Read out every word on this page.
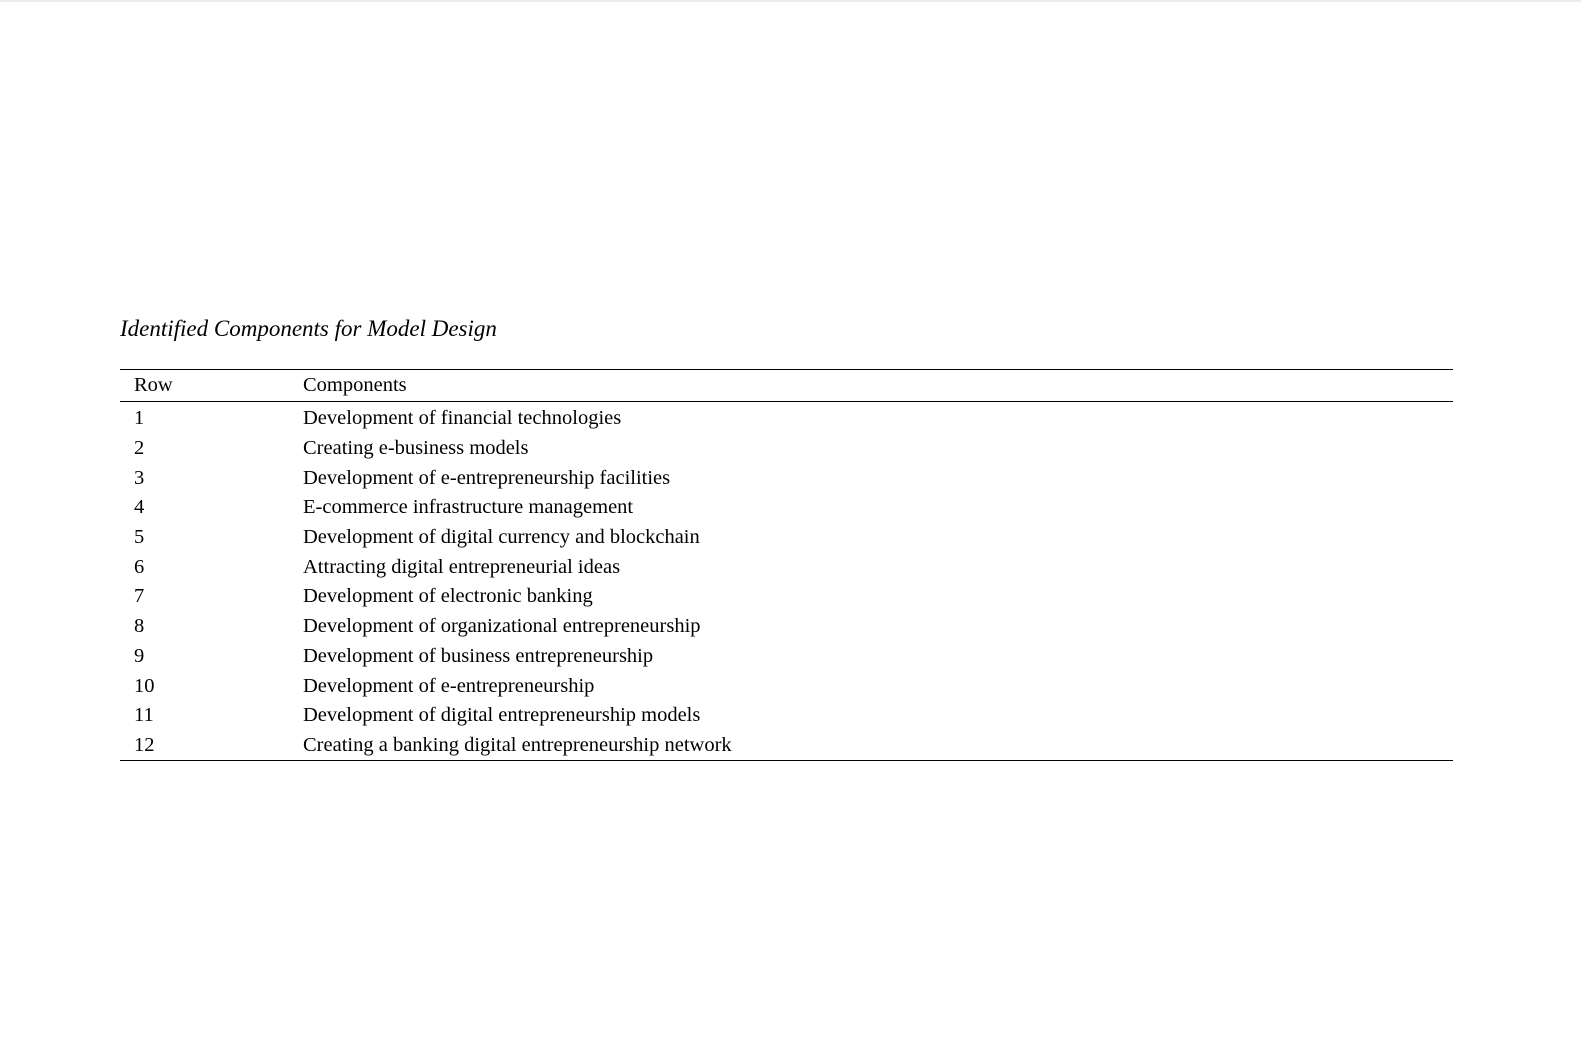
Identified Components for Model Design
Row	Components
1	Development of financial technologies
2	Creating e-business models
3	Development of e-entrepreneurship facilities
4	E-commerce infrastructure management
5	Development of digital currency and blockchain
6	Attracting digital entrepreneurial ideas
7	Development of electronic banking
8	Development of organizational entrepreneurship
9	Development of business entrepreneurship
10	Development of e-entrepreneurship
11	Development of digital entrepreneurship models
12	Creating a banking digital entrepreneurship network
